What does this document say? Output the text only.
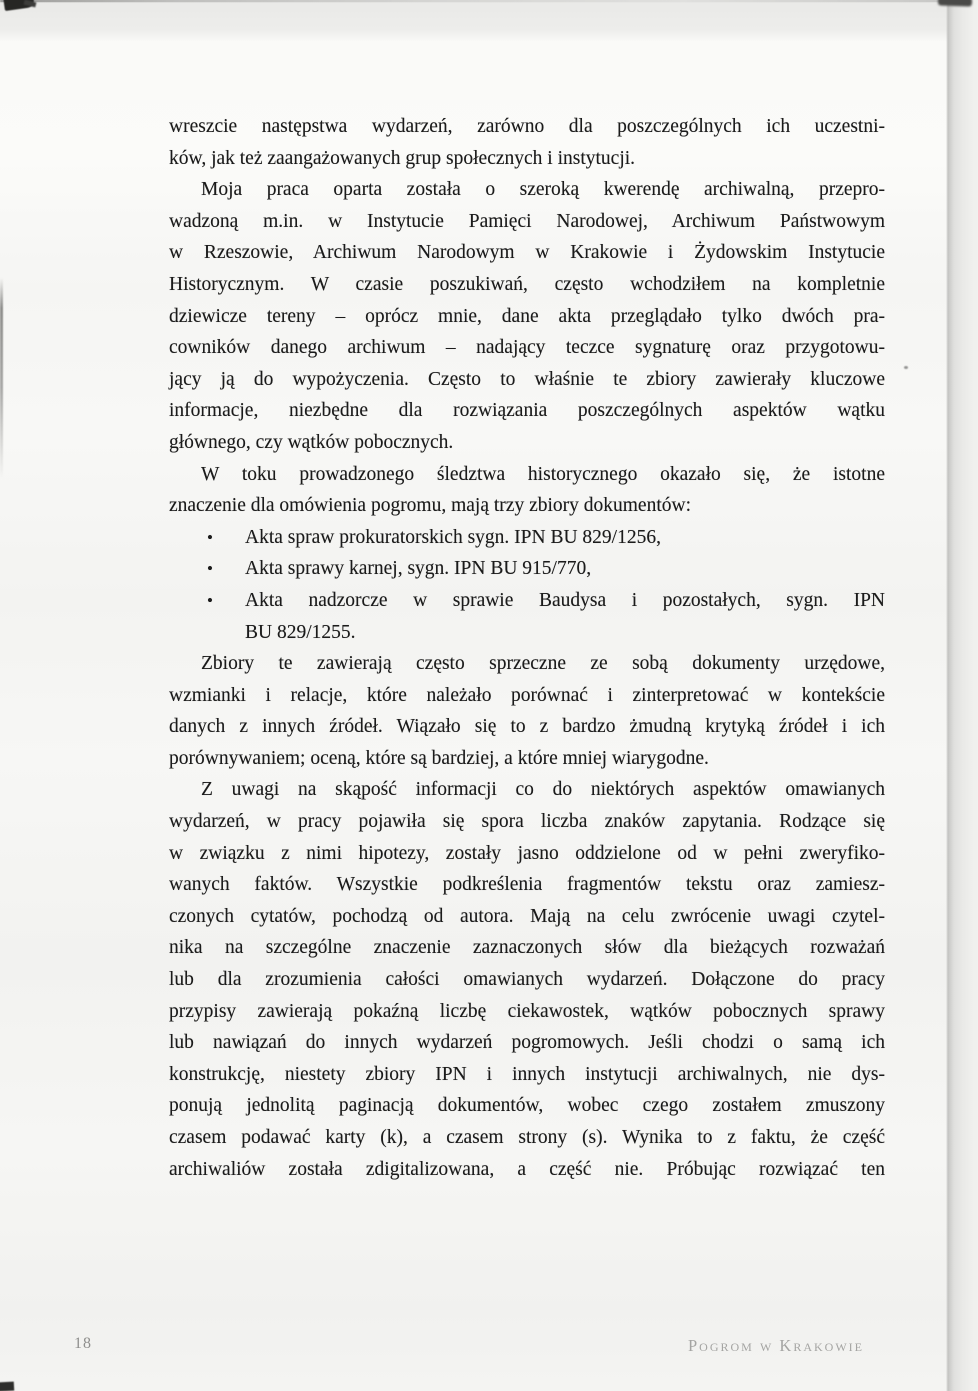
wreszcie następstwa wydarzeń, zarówno dla poszczególnych ich uczestni-
ków, jak też zaangażowanych grup społecznych i instytucji.
Moja praca oparta została o szeroką kwerendę archiwalną, przepro-
wadzoną m.in. w Instytucie Pamięci Narodowej, Archiwum Państwowym
w Rzeszowie, Archiwum Narodowym w Krakowie i Żydowskim Instytucie
Historycznym. W czasie poszukiwań, często wchodziłem na kompletnie
dziewicze tereny – oprócz mnie, dane akta przeglądało tylko dwóch pra-
cowników danego archiwum – nadający teczce sygnaturę oraz przygotowu-
jący ją do wypożyczenia. Często to właśnie te zbiory zawierały kluczowe
informacje, niezbędne dla rozwiązania poszczególnych aspektów wątku
głównego, czy wątków pobocznych.
W toku prowadzonego śledztwa historycznego okazało się, że istotne
znaczenie dla omówienia pogromu, mają trzy zbiory dokumentów:
• Akta spraw prokuratorskich sygn. IPN BU 829/1256,
• Akta sprawy karnej, sygn. IPN BU 915/770,
• Akta nadzorcze w sprawie Baudysa i pozostałych, sygn. IPN
BU 829/1255.
Zbiory te zawierają często sprzeczne ze sobą dokumenty urzędowe,
wzmianki i relacje, które należało porównać i zinterpretować w kontekście
danych z innych źródeł. Wiązało się to z bardzo żmudną krytyką źródeł i ich
porównywaniem; oceną, które są bardziej, a które mniej wiarygodne.
Z uwagi na skąpość informacji co do niektórych aspektów omawianych
wydarzeń, w pracy pojawiła się spora liczba znaków zapytania. Rodzące się
w związku z nimi hipotezy, zostały jasno oddzielone od w pełni zweryfiko-
wanych faktów. Wszystkie podkreślenia fragmentów tekstu oraz zamiesz-
czonych cytatów, pochodzą od autora. Mają na celu zwrócenie uwagi czytel-
nika na szczególne znaczenie zaznaczonych słów dla bieżących rozważań
lub dla zrozumienia całości omawianych wydarzeń. Dołączone do pracy
przypisy zawierają pokaźną liczbę ciekawostek, wątków pobocznych sprawy
lub nawiązań do innych wydarzeń pogromowych. Jeśli chodzi o samą ich
konstrukcję, niestety zbiory IPN i innych instytucji archiwalnych, nie dys-
ponują jednolitą paginacją dokumentów, wobec czego zostałem zmuszony
czasem podawać karty (k), a czasem strony (s). Wynika to z faktu, że część
archiwaliów została zdigitalizowana, a część nie. Próbując rozwiązać ten
18	Pogrom w Krakowie
